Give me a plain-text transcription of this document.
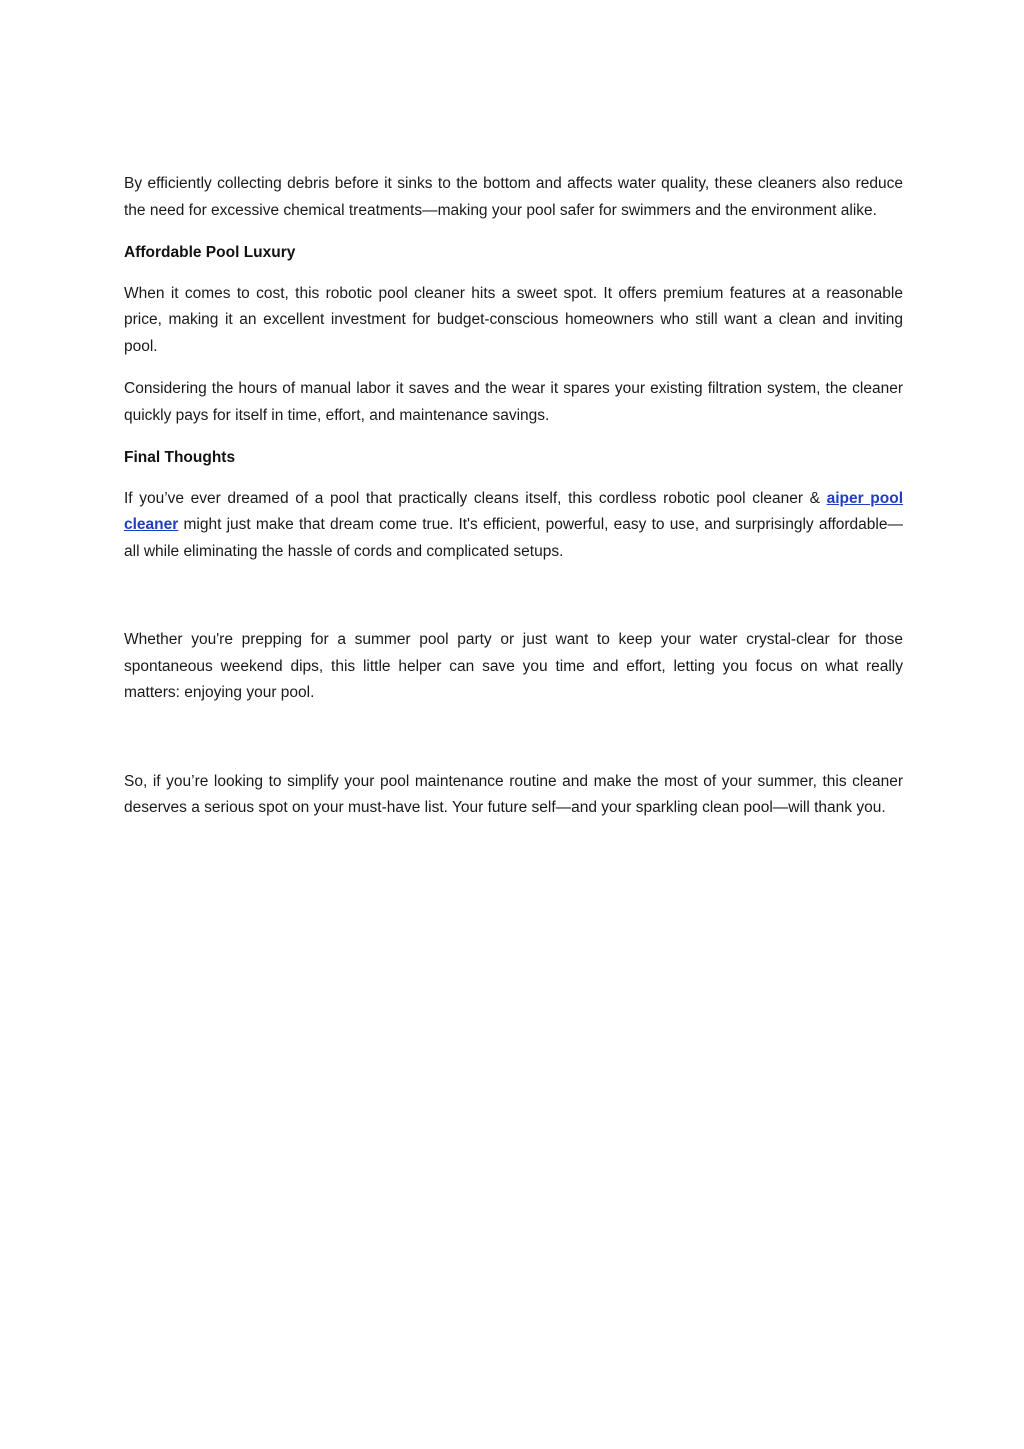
By efficiently collecting debris before it sinks to the bottom and affects water quality, these cleaners also reduce the need for excessive chemical treatments—making your pool safer for swimmers and the environment alike.

Affordable Pool Luxury

When it comes to cost, this robotic pool cleaner hits a sweet spot. It offers premium features at a reasonable price, making it an excellent investment for budget-conscious homeowners who still want a clean and inviting pool.

Considering the hours of manual labor it saves and the wear it spares your existing filtration system, the cleaner quickly pays for itself in time, effort, and maintenance savings.

Final Thoughts

If you’ve ever dreamed of a pool that practically cleans itself, this cordless robotic pool cleaner & aiper pool cleaner might just make that dream come true. It's efficient, powerful, easy to use, and surprisingly affordable—all while eliminating the hassle of cords and complicated setups.

Whether you're prepping for a summer pool party or just want to keep your water crystal-clear for those spontaneous weekend dips, this little helper can save you time and effort, letting you focus on what really matters: enjoying your pool.

So, if you’re looking to simplify your pool maintenance routine and make the most of your summer, this cleaner deserves a serious spot on your must-have list. Your future self—and your sparkling clean pool—will thank you.
